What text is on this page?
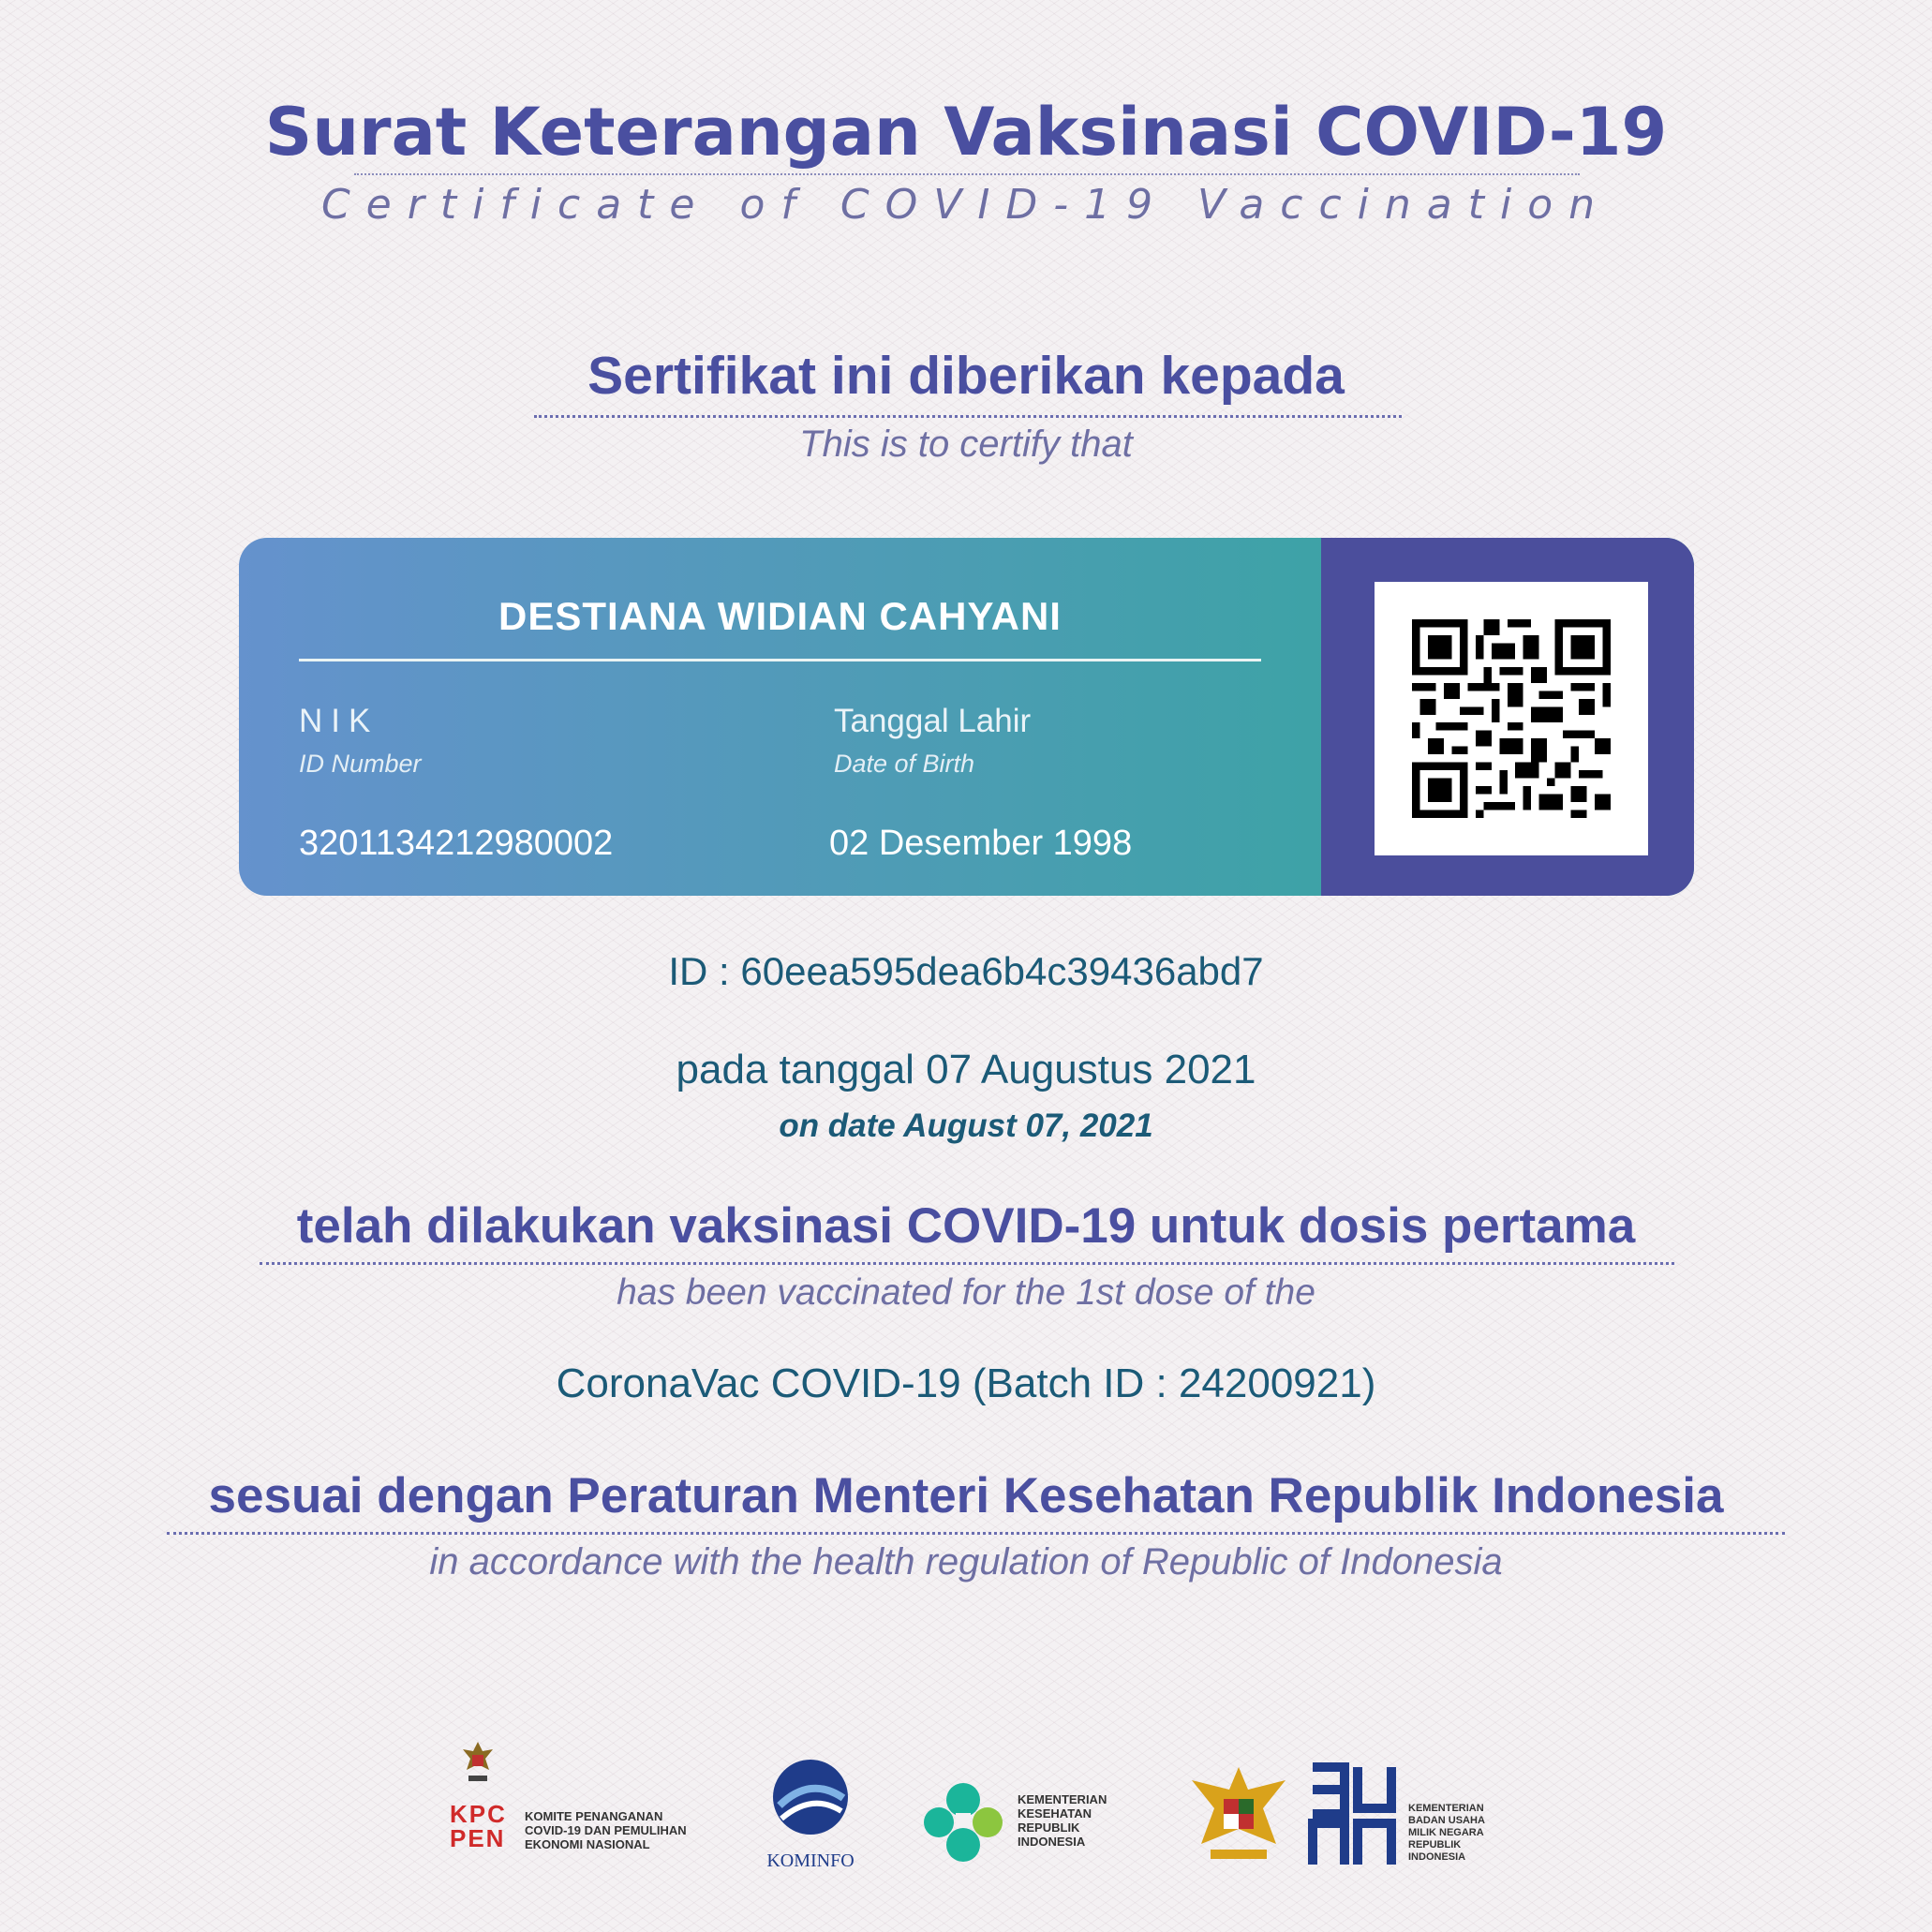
Surat Keterangan Vaksinasi COVID-19
Certificate of COVID-19 Vaccination
Sertifikat ini diberikan kepada
This is to certify that
DESTIANA WIDIAN CAHYANI
NIK
ID Number
3201134212980002
Tanggal Lahir
Date of Birth
02 Desember 1998
ID : 60eea595dea6b4c39436abd7
pada tanggal 07 Augustus 2021
on date August 07, 2021
telah dilakukan vaksinasi COVID-19 untuk dosis pertama
has been vaccinated for the 1st dose of the
CoronaVac COVID-19 (Batch ID : 24200921)
sesuai dengan Peraturan Menteri Kesehatan Republik Indonesia
in accordance with the health regulation of Republic of Indonesia
KPC
PEN
KOMITE PENANGANAN
COVID-19 DAN PEMULIHAN
EKONOMI NASIONAL
KOMINFO
KEMENTERIAN
KESEHATAN
REPUBLIK
INDONESIA
KEMENTERIAN
BADAN USAHA
MILIK NEGARA
REPUBLIK
INDONESIA
